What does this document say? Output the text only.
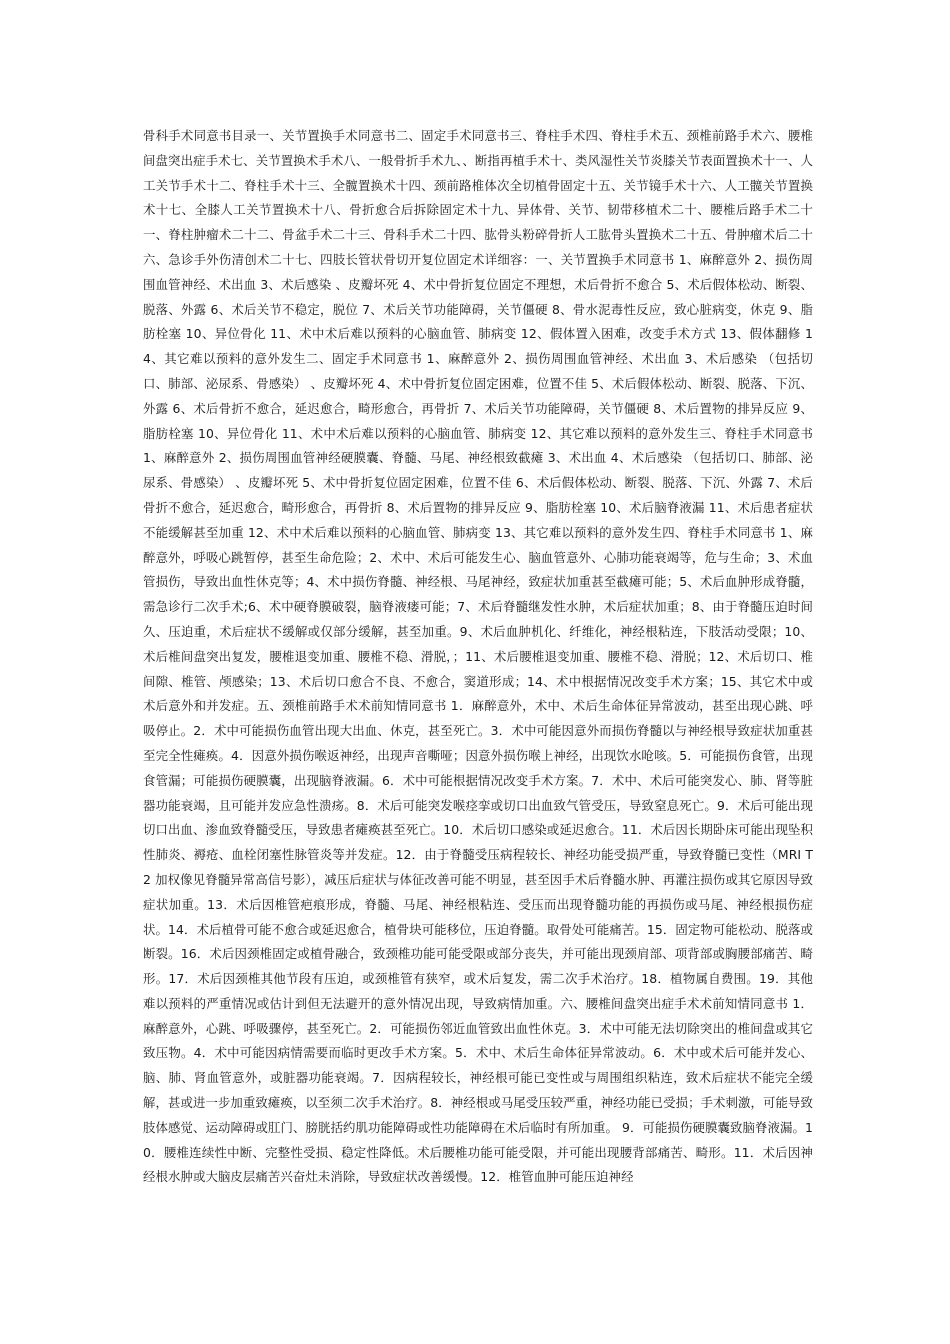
骨科手术同意书目录一、关节置换手术同意书二、固定手术同意书三、脊柱手术四、脊柱手术五、颈椎前路手术六、腰椎间盘突出症手术七、关节置换术手术八、一般骨折手术九、、断指再植手术十、类风湿性关节炎膝关节表面置换术十一、人工关节手术十二、脊柱手术十三、全髋置换术十四、颈前路椎体次全切植骨固定十五、关节镜手术十六、人工髋关节置换术十七、全膝人工关节置换术十八、骨折愈合后拆除固定术十九、异体骨、关节、韧带移植术二十、腰椎后路手术二十一、脊柱肿瘤术二十二、骨盆手术二十三、骨科手术二十四、肱骨头粉碎骨折人工肱骨头置换术二十五、骨肿瘤术后二十六、急诊手外伤清创术二十七、四肢长管状骨切开复位固定术详细容：一、关节置换手术同意书 1、麻醉意外 2、损伤周围血管神经、术出血 3、术后感染 、皮瓣坏死 4、术中骨折复位固定不理想，术后骨折不愈合 5、术后假体松动、断裂、脱落、外露 6、术后关节不稳定，脱位 7、术后关节功能障碍，关节僵硬 8、骨水泥毒性反应，致心脏病变，休克 9、脂肪栓塞 10、异位骨化 11、术中术后难以预料的心脑血管、肺病变 12、假体置入困难，改变手术方式 13、假体翻修 14、其它难以预料的意外发生二、固定手术同意书 1、麻醉意外 2、损伤周围血管神经、术出血 3、术后感染 （包括切口、肺部、泌尿系、骨感染） 、皮瓣坏死 4、术中骨折复位固定困难，位置不佳 5、术后假体松动、断裂、脱落、下沉、外露 6、术后骨折不愈合，延迟愈合，畸形愈合，再骨折 7、术后关节功能障碍，关节僵硬 8、术后置物的排异反应 9、脂肪栓塞 10、异位骨化 11、术中术后难以预料的心脑血管、肺病变 12、其它难以预料的意外发生三、脊柱手术同意书 1、麻醉意外 2、损伤周围血管神经硬膜囊、脊髓、马尾、神经根致截瘫 3、术出血 4、术后感染 （包括切口、肺部、泌尿系、骨感染） 、皮瓣坏死 5、术中骨折复位固定困难，位置不佳 6、术后假体松动、断裂、脱落、下沉、外露 7、术后骨折不愈合，延迟愈合，畸形愈合，再骨折 8、术后置物的排异反应 9、脂肪栓塞 10、术后脑脊液漏 11、术后患者症状不能缓解甚至加重 12、术中术后难以预料的心脑血管、肺病变 13、其它难以预料的意外发生四、脊柱手术同意书 1、麻醉意外，呼吸心跳暂停，甚至生命危险；2、术中、术后可能发生心、脑血管意外、心肺功能衰竭等，危与生命；3、术血管损伤，导致出血性休克等；4、术中损伤脊髓、神经根、马尾神经，致症状加重甚至截瘫可能；5、术后血肿形成脊髓，需急诊行二次手术;6、术中硬脊膜破裂，脑脊液瘘可能；7、术后脊髓继发性水肿，术后症状加重；8、由于脊髓压迫时间久、压迫重，术后症状不缓解或仅部分缓解，甚至加重。9、术后血肿机化、纤维化，神经根粘连，下肢活动受限；10、术后椎间盘突出复发，腰椎退变加重、腰椎不稳、滑脱，；11、术后腰椎退变加重、腰椎不稳、滑脱；12、术后切口、椎间隙、椎管、颅感染；13、术后切口愈合不良、不愈合，窦道形成；14、术中根据情况改变手术方案；15、其它术中或术后意外和并发症。五、颈椎前路手术术前知情同意书 1．麻醉意外，术中、术后生命体征异常波动，甚至出现心跳、呼吸停止。2．术中可能损伤血管出现大出血、休克，甚至死亡。3．术中可能因意外而损伤脊髓以与神经根导致症状加重甚至完全性瘫痪。4．因意外损伤喉返神经，出现声音嘶哑；因意外损伤喉上神经，出现饮水呛咳。5．可能损伤食管，出现食管漏；可能损伤硬膜囊，出现脑脊液漏。6．术中可能根据情况改变手术方案。7．术中、术后可能突发心、肺、肾等脏器功能衰竭，且可能并发应急性溃疡。8．术后可能突发喉痉挛或切口出血致气管受压，导致窒息死亡。9．术后可能出现切口出血、渗血致脊髓受压，导致患者瘫痪甚至死亡。10．术后切口感染或延迟愈合。11．术后因长期卧床可能出现坠积性肺炎、褥疮、血栓闭塞性脉管炎等并发症。12．由于脊髓受压病程较长、神经功能受损严重，导致脊髓已变性（MRI T2 加权像见脊髓异常高信号影），减压后症状与体征改善可能不明显，甚至因手术后脊髓水肿、再灌注损伤或其它原因导致症状加重。13．术后因椎管疤痕形成，脊髓、马尾、神经根粘连、受压而出现脊髓功能的再损伤或马尾、神经根损伤症状。14．术后植骨可能不愈合或延迟愈合，植骨块可能移位，压迫脊髓。取骨处可能痛苦。15．固定物可能松动、脱落或断裂。16．术后因颈椎固定或植骨融合，致颈椎功能可能受限或部分丧失，并可能出现颈肩部、项背部或胸腰部痛苦、畸形。17．术后因颈椎其他节段有压迫，或颈椎管有狭窄，或术后复发，需二次手术治疗。18．植物属自费围。19．其他难以预料的严重情况或估计到但无法避开的意外情况出现，导致病情加重。六、腰椎间盘突出症手术术前知情同意书 1．麻醉意外，心跳、呼吸骤停，甚至死亡。2．可能损伤邻近血管致出血性休克。3．术中可能无法切除突出的椎间盘或其它致压物。4．术中可能因病情需要而临时更改手术方案。5．术中、术后生命体征异常波动。6．术中或术后可能并发心、脑、肺、肾血管意外，或脏器功能衰竭。7．因病程较长，神经根可能已变性或与周围组织粘连，致术后症状不能完全缓解，甚或进一步加重致瘫痪，以至须二次手术治疗。8．神经根或马尾受压较严重，神经功能已受损；手术刺激，可能导致肢体感觉、运动障碍或肛门、膀胱括约肌功能障碍或性功能障碍在术后临时有所加重。 9．可能损伤硬膜囊致脑脊液漏。10．腰椎连续性中断、完整性受损、稳定性降低。术后腰椎功能可能受限，并可能出现腰背部痛苦、畸形。11．术后因神经根水肿或大脑皮层痛苦兴奋灶未消除，导致症状改善缓慢。12．椎管血肿可能压迫神经
